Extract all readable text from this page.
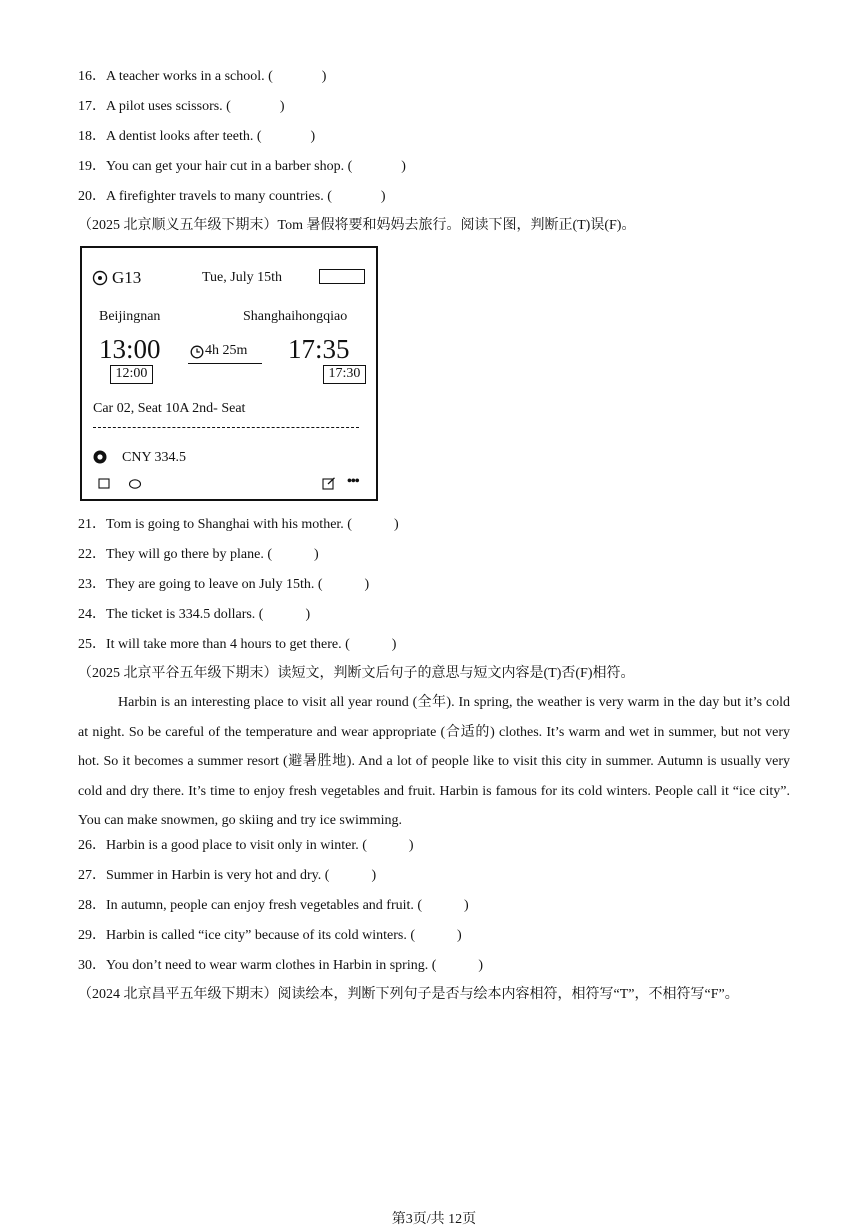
16．A teacher works in a school. (              )
17．A pilot uses scissors. (              )
18．A dentist looks after teeth. (              )
19．You can get your hair cut in a barber shop. (              )
20．A firefighter travels to many countries. (              )
（2025 北京顺义五年级下期末）Tom 暑假将要和妈妈去旅行。阅读下图，判断正(T)误(F)。
G13	Tue, July 15th
Beijingnan	Shanghaihongqiao
13:00	4h 25m 17:35
12:00	17:30
Car 02, Seat 10A 2nd- Seat
CNY 334.5
•••
21．Tom is going to Shanghai with his mother. (            )
22．They will go there by plane. (            )
23．They are going to leave on July 15th. (            )
24．The ticket is 334.5 dollars. (            )
25．It will take more than 4 hours to get there. (            )
（2025 北京平谷五年级下期末）读短文，判断文后句子的意思与短文内容是(T)否(F)相符。

Harbin is an interesting place to visit all year round (全年). In spring, the weather is very warm in the day but it’s cold at night. So be careful of the temperature and wear appropriate (合适的) clothes. It’s warm and wet in summer, but not very hot. So it becomes a summer resort (避暑胜地). And a lot of people like to visit this city in summer. Autumn is usually very cold and dry there. It’s time to enjoy fresh vegetables and fruit. Harbin is famous for its cold winters. People call it “ice city”. You can make snowmen, go skiing and try ice swimming.

26．Harbin is a good place to visit only in winter. (            )
27．Summer in Harbin is very hot and dry. (            )
28．In autumn, people can enjoy fresh vegetables and fruit. (            )
29．Harbin is called “ice city” because of its cold winters. (            )
30．You don’t need to wear warm clothes in Harbin in spring. (            )
（2024 北京昌平五年级下期末）阅读绘本，判断下列句子是否与绘本内容相符，相符写“T”，不相符写“F”。
第3页/共 12页
